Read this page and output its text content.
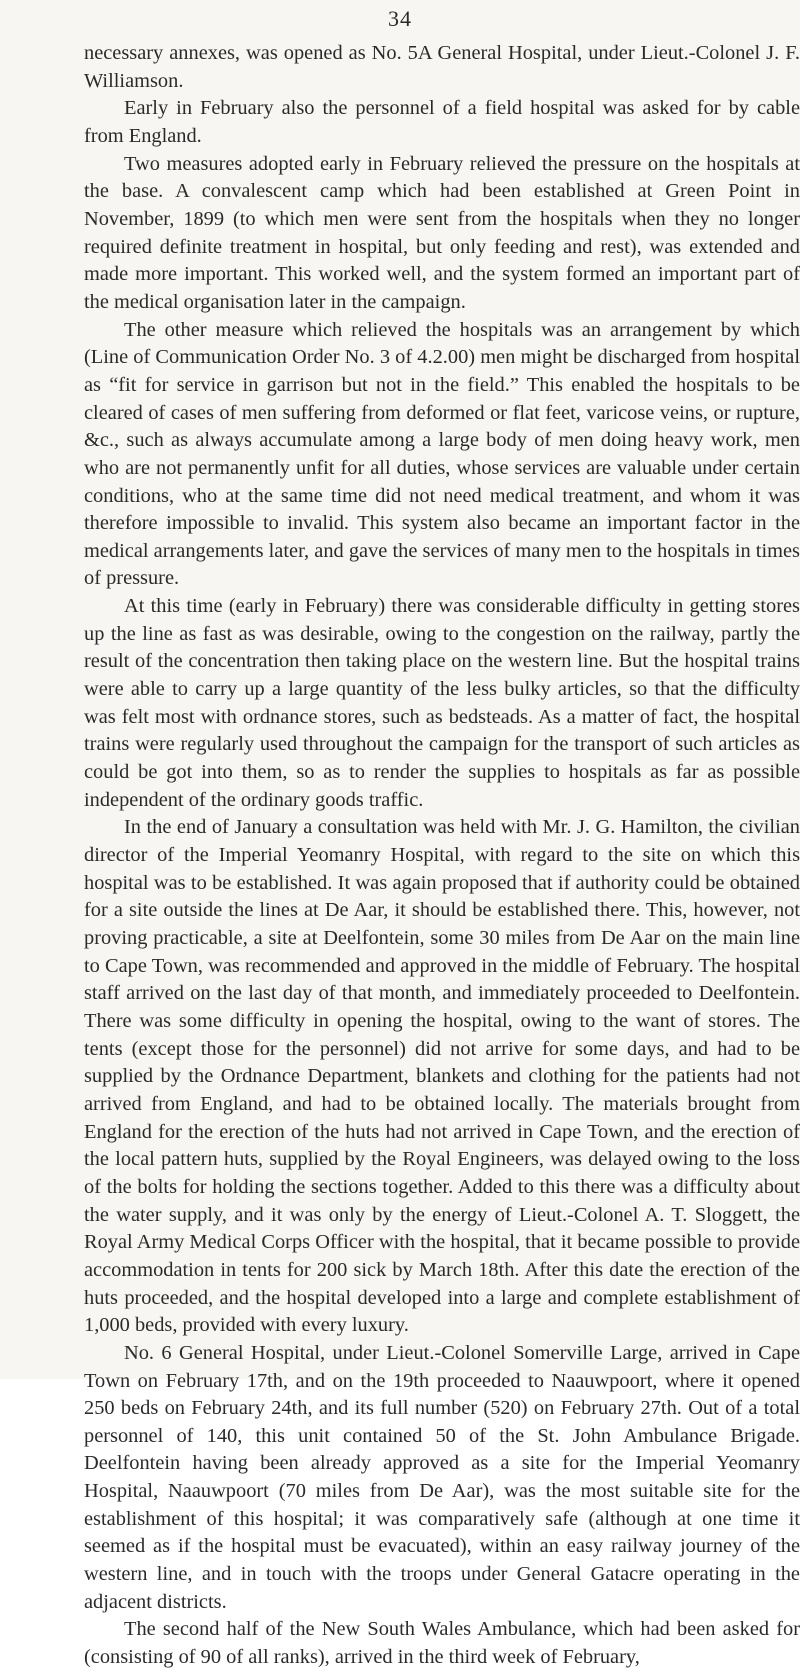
34

necessary annexes, was opened as No. 5A General Hospital, under Lieut.-Colonel J. F. Williamson.

Early in February also the personnel of a field hospital was asked for by cable from England.

Two measures adopted early in February relieved the pressure on the hospitals at the base. A convalescent camp which had been established at Green Point in November, 1899 (to which men were sent from the hospitals when they no longer required definite treatment in hospital, but only feeding and rest), was extended and made more important. This worked well, and the system formed an important part of the medical organisation later in the campaign.

The other measure which relieved the hospitals was an arrangement by which (Line of Communication Order No. 3 of 4.2.00) men might be discharged from hospital as “fit for service in garrison but not in the field.” This enabled the hospitals to be cleared of cases of men suffering from deformed or flat feet, varicose veins, or rupture, &c., such as always accumulate among a large body of men doing heavy work, men who are not permanently unfit for all duties, whose services are valuable under certain conditions, who at the same time did not need medical treatment, and whom it was therefore impossible to invalid. This system also became an important factor in the medical arrangements later, and gave the services of many men to the hospitals in times of pressure.

At this time (early in February) there was considerable difficulty in getting stores up the line as fast as was desirable, owing to the congestion on the railway, partly the result of the concentration then taking place on the western line. But the hospital trains were able to carry up a large quantity of the less bulky articles, so that the difficulty was felt most with ordnance stores, such as bedsteads. As a matter of fact, the hospital trains were regularly used throughout the campaign for the transport of such articles as could be got into them, so as to render the supplies to hospitals as far as possible independent of the ordinary goods traffic.

In the end of January a consultation was held with Mr. J. G. Hamilton, the civilian director of the Imperial Yeomanry Hospital, with regard to the site on which this hospital was to be established. It was again proposed that if authority could be obtained for a site outside the lines at De Aar, it should be established there. This, however, not proving practicable, a site at Deelfontein, some 30 miles from De Aar on the main line to Cape Town, was recommended and approved in the middle of February. The hospital staff arrived on the last day of that month, and immediately proceeded to Deelfontein. There was some difficulty in opening the hospital, owing to the want of stores. The tents (except those for the personnel) did not arrive for some days, and had to be supplied by the Ordnance Department, blankets and clothing for the patients had not arrived from England, and had to be obtained locally. The materials brought from England for the erection of the huts had not arrived in Cape Town, and the erection of the local pattern huts, supplied by the Royal Engineers, was delayed owing to the loss of the bolts for holding the sections together. Added to this there was a difficulty about the water supply, and it was only by the energy of Lieut.-Colonel A. T. Sloggett, the Royal Army Medical Corps Officer with the hospital, that it became possible to provide accommodation in tents for 200 sick by March 18th. After this date the erection of the huts proceeded, and the hospital developed into a large and complete establishment of 1,000 beds, provided with every luxury.

No. 6 General Hospital, under Lieut.-Colonel Somerville Large, arrived in Cape Town on February 17th, and on the 19th proceeded to Naauwpoort, where it opened 250 beds on February 24th, and its full number (520) on February 27th. Out of a total personnel of 140, this unit contained 50 of the St. John Ambulance Brigade. Deelfontein having been already approved as a site for the Imperial Yeomanry Hospital, Naauwpoort (70 miles from De Aar), was the most suitable site for the establishment of this hospital; it was comparatively safe (although at one time it seemed as if the hospital must be evacuated), within an easy railway journey of the western line, and in touch with the troops under General Gatacre operating in the adjacent districts.

The second half of the New South Wales Ambulance, which had been asked for (consisting of 90 of all ranks), arrived in the third week of February,
